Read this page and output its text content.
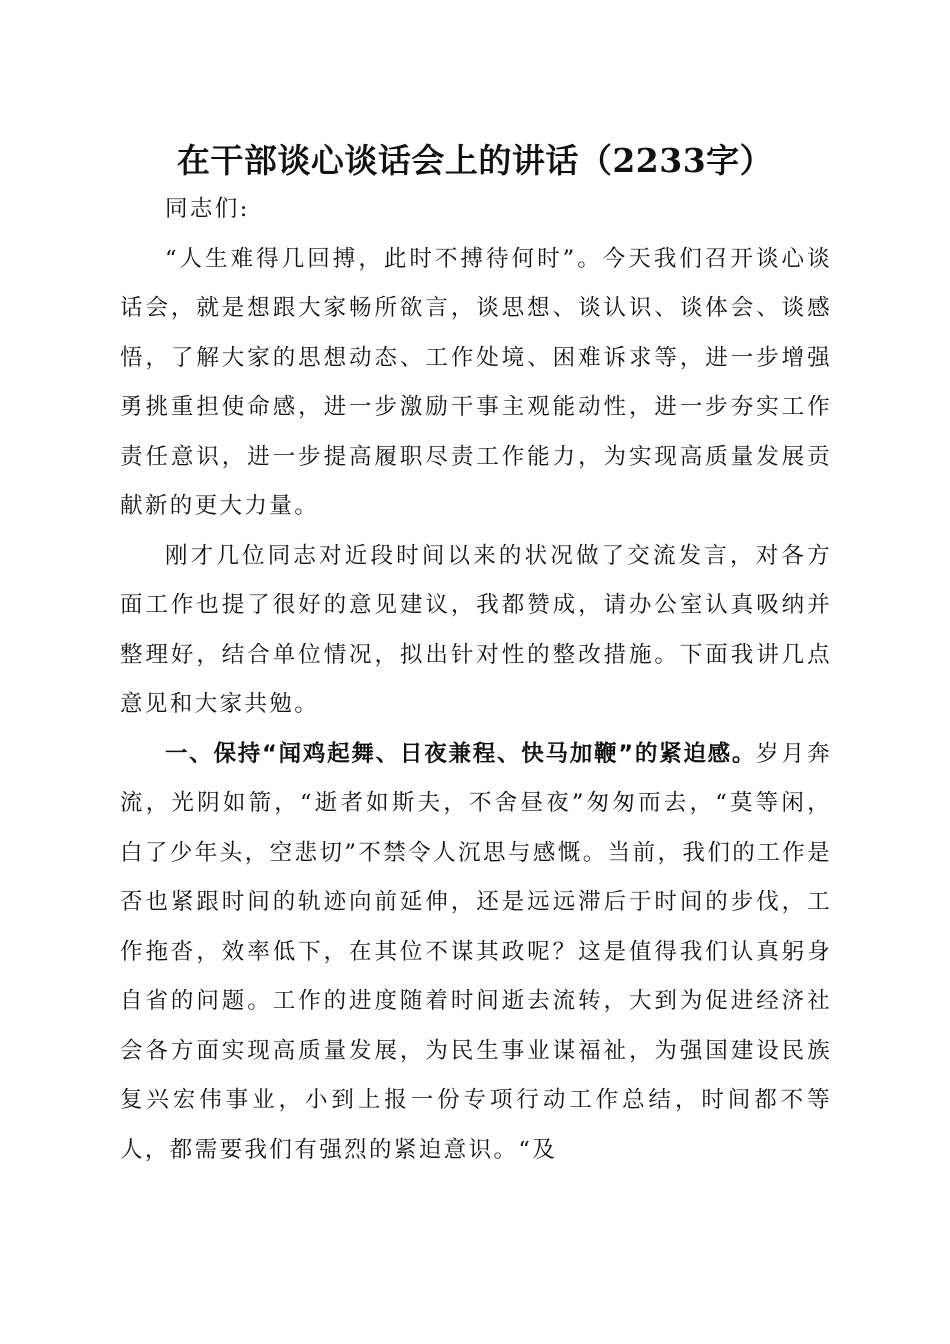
在干部谈心谈话会上的讲话（2233字）

同志们:

“人生难得几回搏，此时不搏待何时”。今天我们召开谈心谈话会，就是想跟大家畅所欲言，谈思想、谈认识、谈体会、谈感悟，了解大家的思想动态、工作处境、困难诉求等，进一步增强勇挑重担使命感，进一步激励干事主观能动性，进一步夯实工作责任意识，进一步提高履职尽责工作能力，为实现高质量发展贡献新的更大力量。

刚才几位同志对近段时间以来的状况做了交流发言，对各方面工作也提了很好的意见建议，我都赞成，请办公室认真吸纳并整理好，结合单位情况，拟出针对性的整改措施。下面我讲几点意见和大家共勉。

一、保持“闻鸡起舞、日夜兼程、快马加鞭”的紧迫感。岁月奔流，光阴如箭，“逝者如斯夫，不舍昼夜”匆匆而去，“莫等闲，白了少年头，空悲切”不禁令人沉思与感慨。当前，我们的工作是否也紧跟时间的轨迹向前延伸，还是远远滞后于时间的步伐，工作拖沓，效率低下，在其位不谋其政呢？这是值得我们认真躬身自省的问题。工作的进度随着时间逝去流转，大到为促进经济社会各方面实现高质量发展，为民生事业谋福祉，为强国建设民族复兴宏伟事业，小到上报一份专项行动工作总结，时间都不等人，都需要我们有强烈的紧迫意识。“及
